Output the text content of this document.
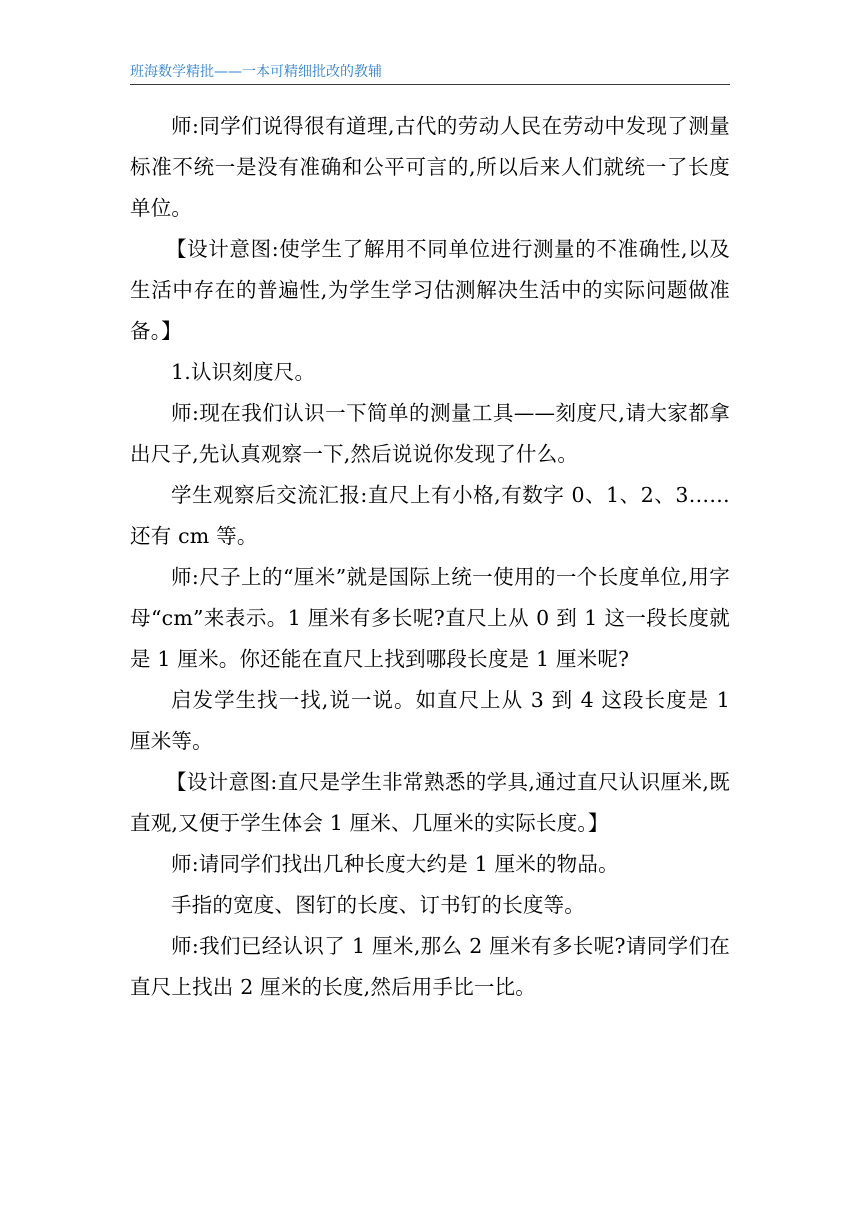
班海数学精批——一本可精细批改的教辅

师:同学们说得很有道理,古代的劳动人民在劳动中发现了测量标准不统一是没有准确和公平可言的,所以后来人们就统一了长度单位。

【设计意图:使学生了解用不同单位进行测量的不准确性,以及生活中存在的普遍性,为学生学习估测解决生活中的实际问题做准备。】

1.认识刻度尺。

师:现在我们认识一下简单的测量工具——刻度尺,请大家都拿出尺子,先认真观察一下,然后说说你发现了什么。

学生观察后交流汇报:直尺上有小格,有数字 0、1、2、3……还有 cm 等。

师:尺子上的“厘米”就是国际上统一使用的一个长度单位,用字母“cm”来表示。1 厘米有多长呢?直尺上从 0 到 1 这一段长度就是 1 厘米。你还能在直尺上找到哪段长度是 1 厘米呢?

启发学生找一找,说一说。如直尺上从 3 到 4 这段长度是 1 厘米等。

【设计意图:直尺是学生非常熟悉的学具,通过直尺认识厘米,既直观,又便于学生体会 1 厘米、几厘米的实际长度。】

师:请同学们找出几种长度大约是 1 厘米的物品。

手指的宽度、图钉的长度、订书钉的长度等。

师:我们已经认识了 1 厘米,那么 2 厘米有多长呢?请同学们在直尺上找出 2 厘米的长度,然后用手比一比。
